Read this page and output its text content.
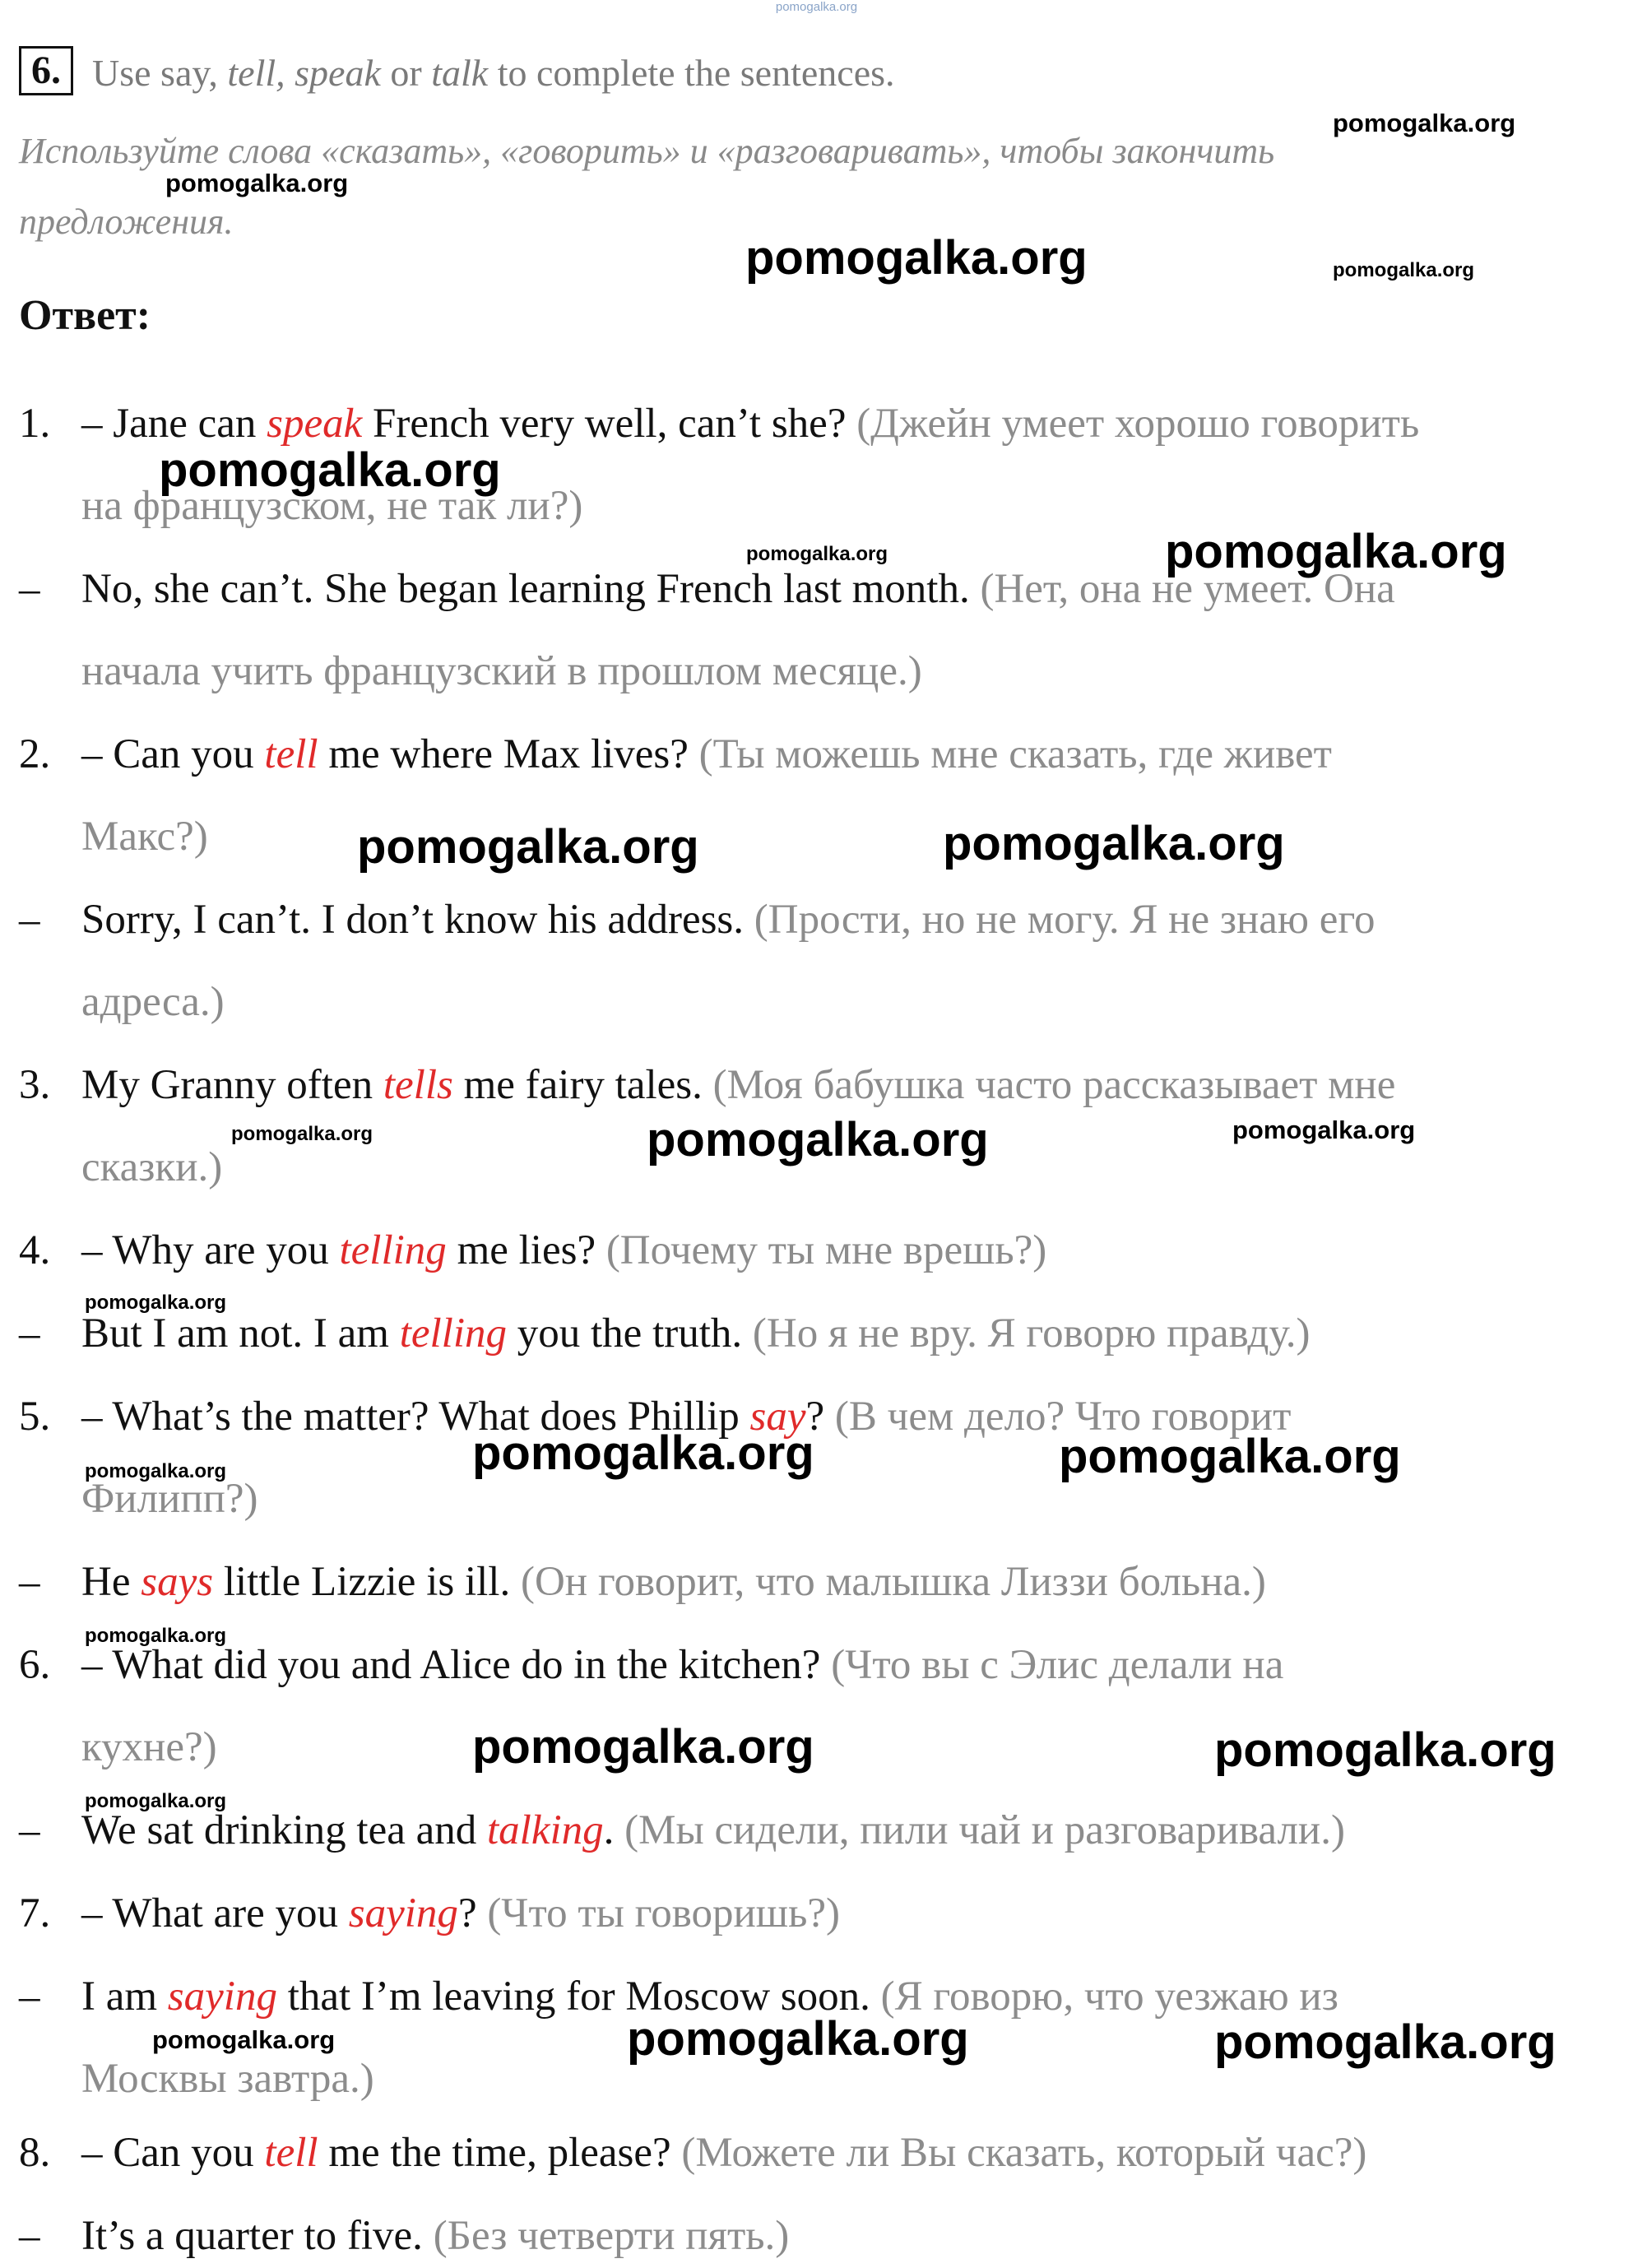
pomogalka.org
6. Use say, tell, speak or talk to complete the sentences.
Используйте слова «сказать», «говорить» и «разговаривать», чтобы закончить
предложения.
Ответ:
1. – Jane can speak French very well, can’t she? (Джейн умеет хорошо говорить
на французском, не так ли?)
– No, she can’t. She began learning French last month. (Нет, она не умеет. Она
начала учить французский в прошлом месяце.)
2. – Can you tell me where Max lives? (Ты можешь мне сказать, где живет
Макс?)
– Sorry, I can’t. I don’t know his address. (Прости, но не могу. Я не знаю его
адреса.)
3. My Granny often tells me fairy tales. (Моя бабушка часто рассказывает мне
сказки.)
4. – Why are you telling me lies? (Почему ты мне врешь?)
– But I am not. I am telling you the truth. (Но я не вру. Я говорю правду.)
5. – What’s the matter? What does Phillip say? (В чем дело? Что говорит
Филипп?)
– He says little Lizzie is ill. (Он говорит, что малышка Лиззи больна.)
6. – What did you and Alice do in the kitchen? (Что вы с Элис делали на
кухне?)
– We sat drinking tea and talking. (Мы сидели, пили чай и разговаривали.)
7. – What are you saying? (Что ты говоришь?)
– I am saying that I’m leaving for Moscow soon. (Я говорю, что уезжаю из
Москвы завтра.)
8. – Can you tell me the time, please? (Можете ли Вы сказать, который час?)
– It’s a quarter to five. (Без четверти пять.)
pomogalka.org
pomogalka.org
pomogalka.org	pomogalka.org
pomogalka.org
pomogalka.org	pomogalka.org
pomogalka.org	pomogalka.org
pomogalka.org	pomogalka.org	pomogalka.org
pomogalka.org
pomogalka.org	pomogalka.org	pomogalka.org
pomogalka.org
pomogalka.org	pomogalka.org
pomogalka.org
pomogalka.org	pomogalka.org	pomogalka.org
